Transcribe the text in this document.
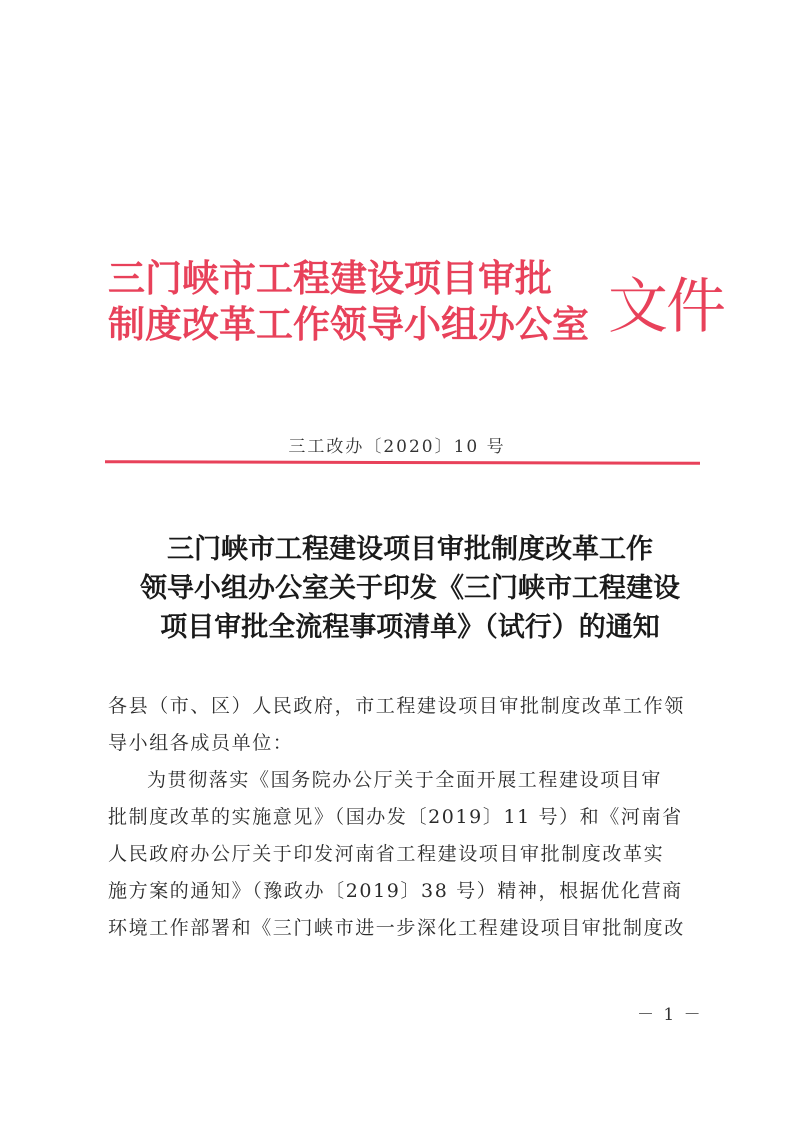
三门峡市工程建设项目审批
制度改革工作领导小组办公室 文件
三工改办〔2020〕10 号
三门峡市工程建设项目审批制度改革工作
领导小组办公室关于印发《三门峡市工程建设
项目审批全流程事项清单》（试行）的通知

各县（市、区）人民政府，市工程建设项目审批制度改革工作领
导小组各成员单位：

为贯彻落实《国务院办公厅关于全面开展工程建设项目审
批制度改革的实施意见》（国办发〔2019〕11 号）和《河南省
人民政府办公厅关于印发河南省工程建设项目审批制度改革实
施方案的通知》（豫政办〔2019〕38 号）精神，根据优化营商
环境工作部署和《三门峡市进一步深化工程建设项目审批制度改

－ 1 －
